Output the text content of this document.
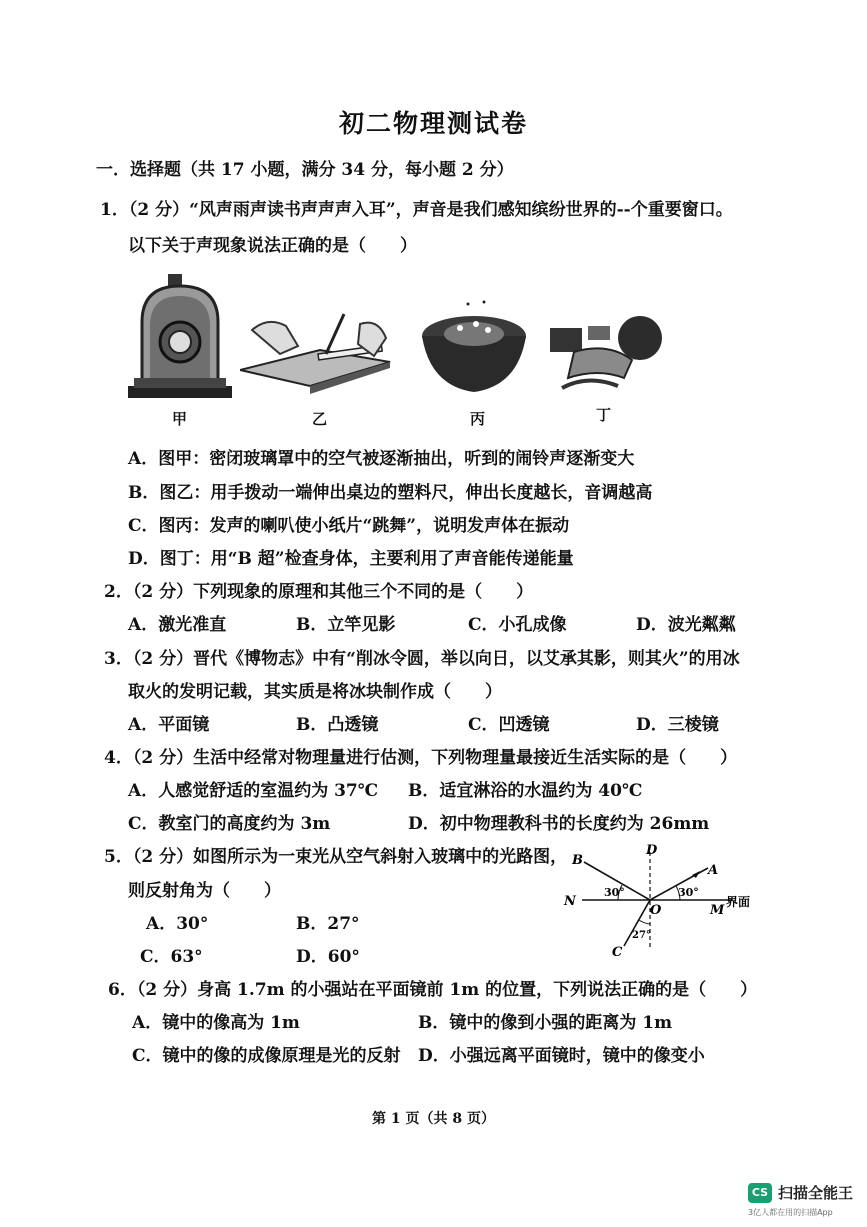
初二物理测试卷
一．选择题（共 17 小题，满分 34 分，每小题 2 分）
1．（2 分）“风声雨声读书声声声入耳”，声音是我们感知缤纷世界的--个重要窗口。
以下关于声现象说法正确的是（　　）
甲	乙	丙	丁
A．图甲：密闭玻璃罩中的空气被逐渐抽出，听到的闹铃声逐渐变大
B．图乙：用手拨动一端伸出桌边的塑料尺，伸出长度越长，音调越高
C．图丙：发声的喇叭使小纸片“跳舞”，说明发声体在振动
D．图丁：用“B 超”检查身体，主要利用了声音能传递能量
2．（2 分）下列现象的原理和其他三个不同的是（　　）
A．激光准直	B．立竿见影	C．小孔成像	D．波光粼粼
3．（2 分）晋代《博物志》中有“削冰令圆，举以向日，以艾承其影，则其火”的用冰
取火的发明记载，其实质是将冰块制作成（　　）
A．平面镜	B．凸透镜	C．凹透镜	D．三棱镜
4．（2 分）生活中经常对物理量进行估测，下列物理量最接近生活实际的是（　　）
A．人感觉舒适的室温约为 37℃ B．适宜淋浴的水温约为 40℃
C．教室门的高度约为 3m	D．初中物理教科书的长度约为 26mm
5．（2 分）如图所示为一束光从空气斜射入玻璃中的光路图，
则反射角为（　　）
A．30°	B．27°
C．63°	D．60°
B
D
A
N
O	M
界面
C
30°	30°
27°
6．（2 分）身高 1.7m 的小强站在平面镜前 1m 的位置，下列说法正确的是（　　）
A．镜中的像高为 1m	B．镜中的像到小强的距离为 1m
C．镜中的像的成像原理是光的反射 D．小强远离平面镜时，镜中的像变小
第 1 页（共 8 页）
CS 扫描全能王
3亿人都在用的扫描App
